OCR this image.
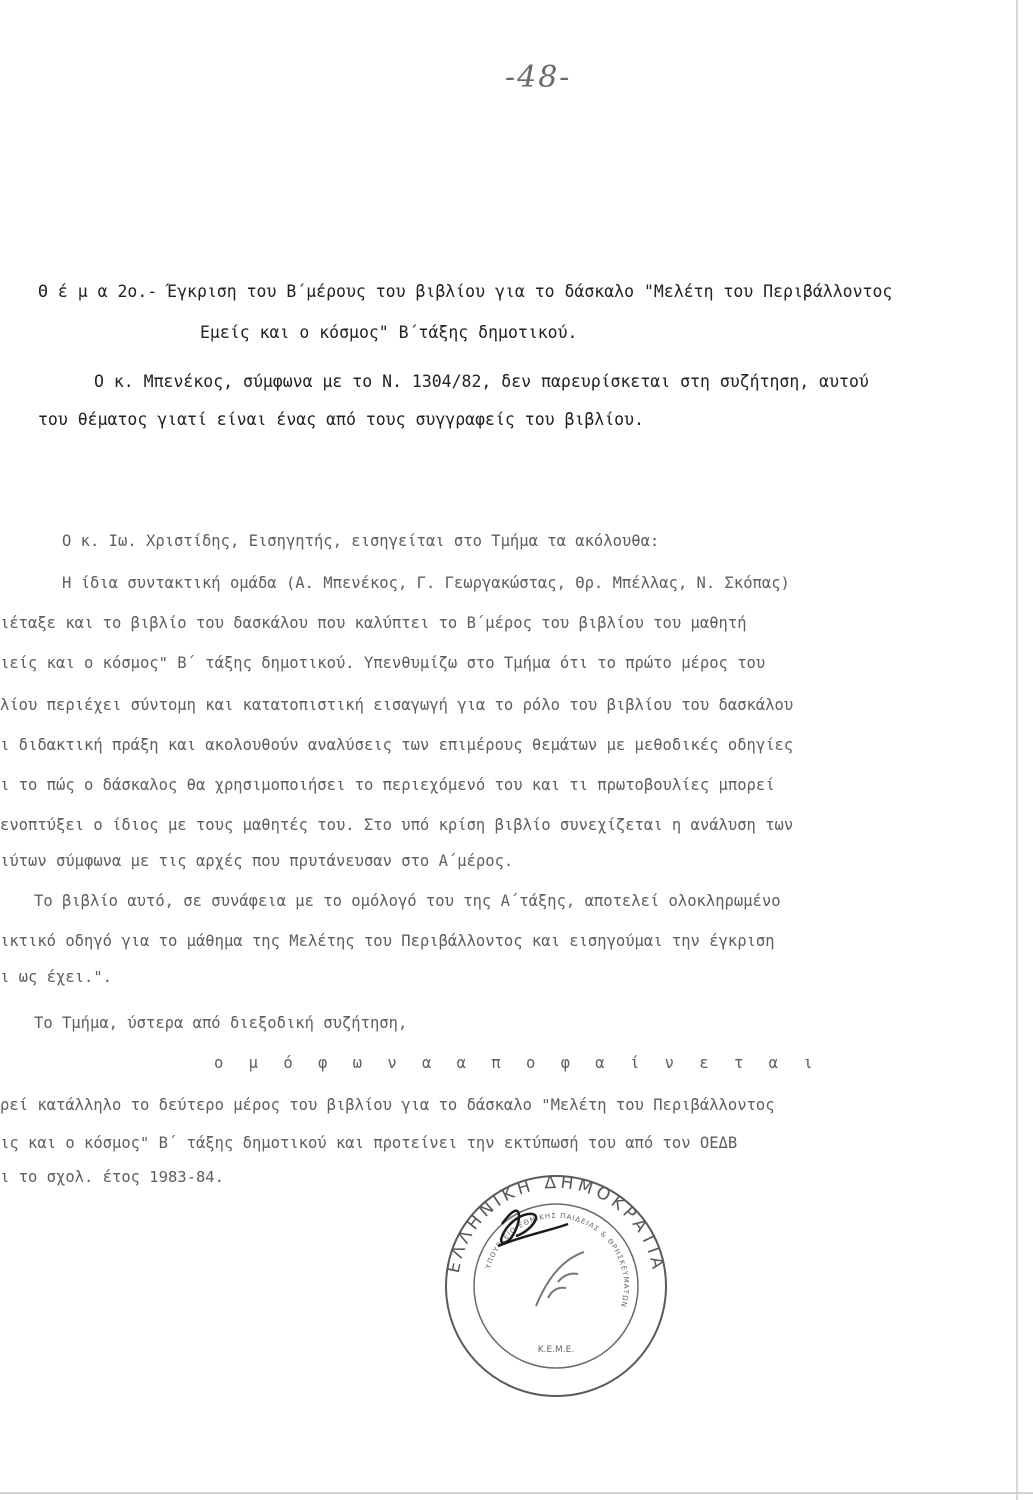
-48-
Θ έ μ α 2ο.- Έγκριση του Β΄μέρους του βιβλίου για το δάσκαλο "Μελέτη του Περιβάλλοντος
Εμείς και ο κόσμος" Β΄τάξης δημοτικού.
Ο κ. Μπενέκος, σύμφωνα με το Ν. 1304/82, δεν παρευρίσκεται στη συζήτηση, αυτού
του θέματος γιατί είναι ένας από τους συγγραφείς του βιβλίου.
Ο κ. Ιω. Χριστίδης, Εισηγητής, εισηγείται στο Τμήμα τα ακόλουθα:
Η ίδια συντακτική ομάδα (Α. Μπενέκος, Γ. Γεωργακώστας, Θρ. Μπέλλας, Ν. Σκόπας)
ιέταξε και το βιβλίο του δασκάλου που καλύπτει το Β΄μέρος του βιβλίου του μαθητή
ιείς και ο κόσμος" Β΄ τάξης δημοτικού. Υπενθυμίζω στο Τμήμα ότι το πρώτο μέρος του
λίου περιέχει σύντομη και κατατοπιστική εισαγωγή για το ρόλο του βιβλίου του δασκάλου
ι διδακτική πράξη και ακολουθούν αναλύσεις των επιμέρους θεμάτων με μεθοδικές οδηγίες
ι το πώς ο δάσκαλος θα χρησιμοποιήσει το περιεχόμενό του και τι πρωτοβουλίες μπορεί
ενοπτύξει ο ίδιος με τους μαθητές του. Στο υπό κρίση βιβλίο συνεχίζεται η ανάλυση των
ιύτων σύμφωνα με τις αρχές που πρυτάνευσαν στο Α΄μέρος.
Το βιβλίο αυτό, σε συνάφεια με το ομόλογό του της Α΄τάξης, αποτελεί ολοκληρωμένο
ικτικό οδηγό για το μάθημα της Μελέτης του Περιβάλλοντος και εισηγούμαι την έγκριση
ι ως έχει.".
Το Τμήμα, ύστερα από διεξοδική συζήτηση,
ο μ ό φ ω ν α α π ο φ α ί ν ε τ α ι
ρεί κατάλληλο το δεύτερο μέρος του βιβλίου για το δάσκαλο "Μελέτη του Περιβάλλοντος
ις και ο κόσμος" Β΄ τάξης δημοτικού και προτείνει την εκτύπωσή του από τον ΟΕΔΒ
ι το σχολ. έτος 1983-84.
ΕΛΛΗΝΙΚΗ ΔΗΜΟΚΡΑΤΙΑ
ΥΠΟΥΡΓΕΙΟ ΕΘΝΙΚΗΣ ΠΑΙΔΕΙΑΣ & ΘΡΗΣΚΕΥΜΑΤΩΝ
Κ.Ε.Μ.Ε.
